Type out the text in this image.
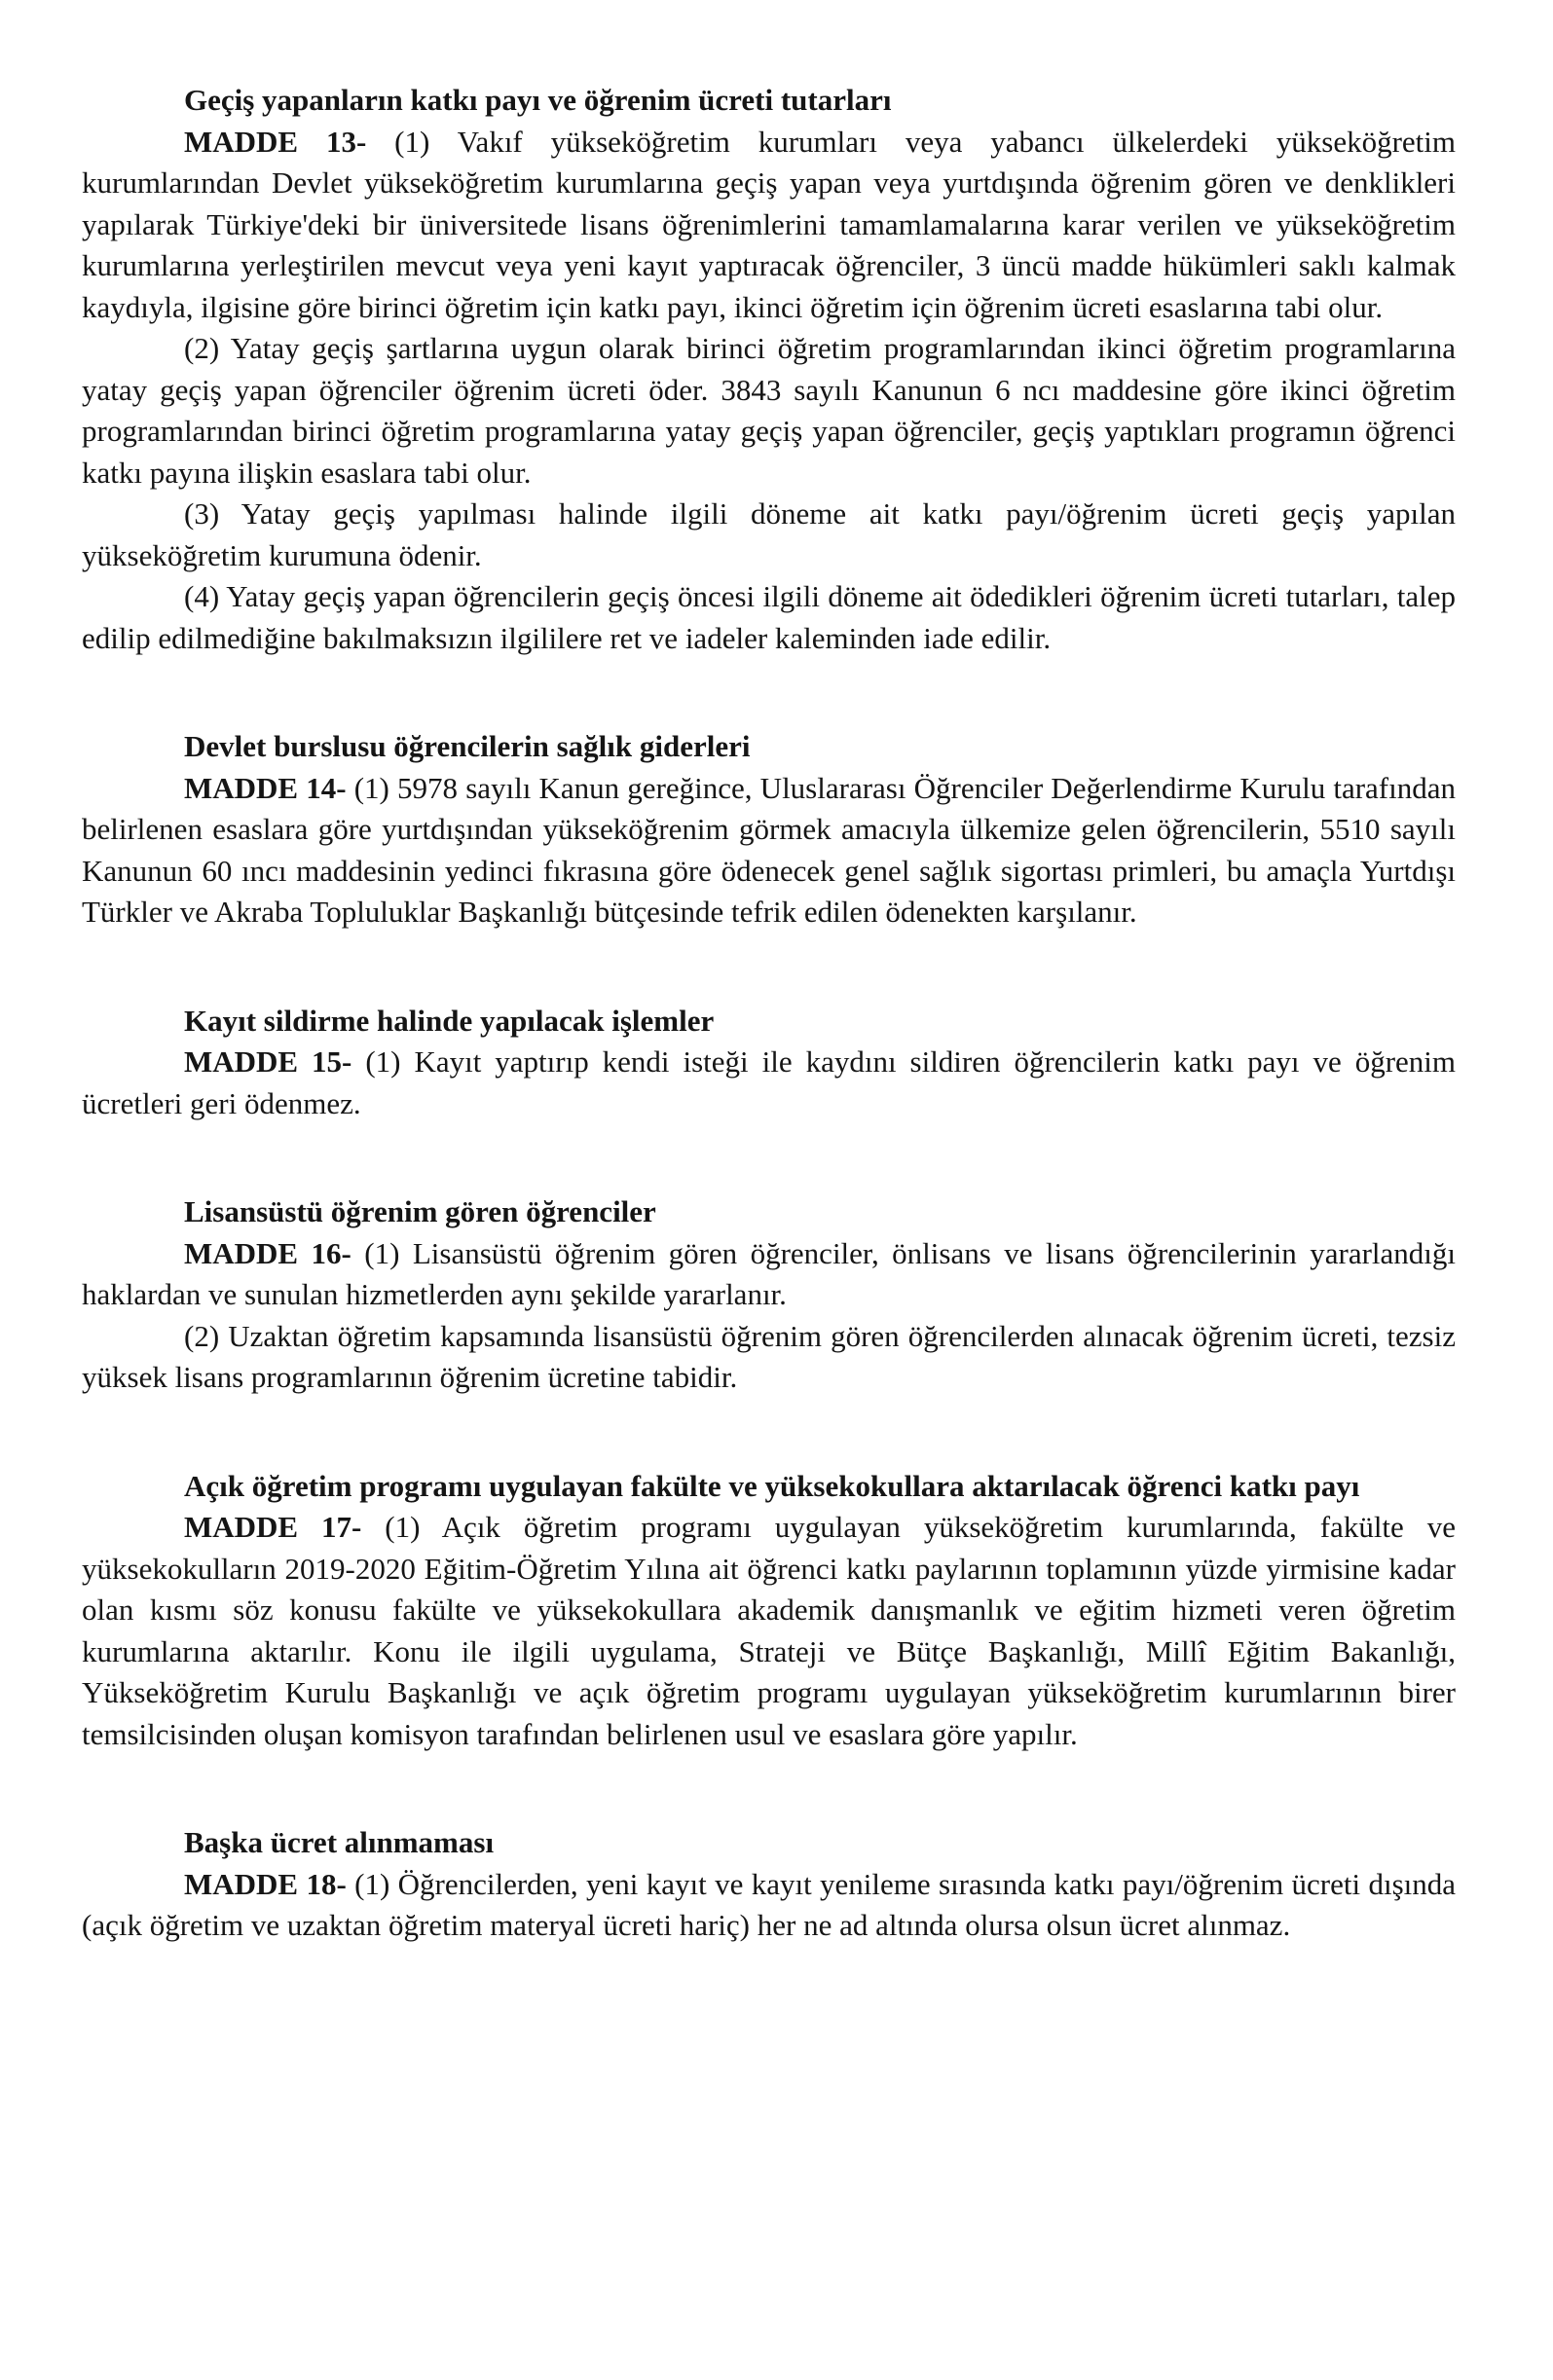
Geçiş yapanların katkı payı ve öğrenim ücreti tutarları

MADDE 13- (1) Vakıf yükseköğretim kurumları veya yabancı ülkelerdeki yükseköğretim kurumlarından Devlet yükseköğretim kurumlarına geçiş yapan veya yurtdışında öğrenim gören ve denklikleri yapılarak Türkiye'deki bir üniversitede lisans öğrenimlerini tamamlamalarına karar verilen ve yükseköğretim kurumlarına yerleştirilen mevcut veya yeni kayıt yaptıracak öğrenciler, 3 üncü madde hükümleri saklı kalmak kaydıyla, ilgisine göre birinci öğretim için katkı payı, ikinci öğretim için öğrenim ücreti esaslarına tabi olur.

(2) Yatay geçiş şartlarına uygun olarak birinci öğretim programlarından ikinci öğretim programlarına yatay geçiş yapan öğrenciler öğrenim ücreti öder. 3843 sayılı Kanunun 6 ncı maddesine göre ikinci öğretim programlarından birinci öğretim programlarına yatay geçiş yapan öğrenciler, geçiş yaptıkları programın öğrenci katkı payına ilişkin esaslara tabi olur.

(3) Yatay geçiş yapılması halinde ilgili döneme ait katkı payı/öğrenim ücreti geçiş yapılan yükseköğretim kurumuna ödenir.

(4) Yatay geçiş yapan öğrencilerin geçiş öncesi ilgili döneme ait ödedikleri öğrenim ücreti tutarları, talep edilip edilmediğine bakılmaksızın ilgililere ret ve iadeler kaleminden iade edilir.

Devlet burslusu öğrencilerin sağlık giderleri

MADDE 14- (1) 5978 sayılı Kanun gereğince, Uluslararası Öğrenciler Değerlendirme Kurulu tarafından belirlenen esaslara göre yurtdışından yükseköğrenim görmek amacıyla ülkemize gelen öğrencilerin, 5510 sayılı Kanunun 60 ıncı maddesinin yedinci fıkrasına göre ödenecek genel sağlık sigortası primleri, bu amaçla Yurtdışı Türkler ve Akraba Topluluklar Başkanlığı bütçesinde tefrik edilen ödenekten karşılanır.

Kayıt sildirme halinde yapılacak işlemler

MADDE 15- (1) Kayıt yaptırıp kendi isteği ile kaydını sildiren öğrencilerin katkı payı ve öğrenim ücretleri geri ödenmez.

Lisansüstü öğrenim gören öğrenciler

MADDE 16- (1) Lisansüstü öğrenim gören öğrenciler, önlisans ve lisans öğrencilerinin yararlandığı haklardan ve sunulan hizmetlerden aynı şekilde yararlanır.

(2) Uzaktan öğretim kapsamında lisansüstü öğrenim gören öğrencilerden alınacak öğrenim ücreti, tezsiz yüksek lisans programlarının öğrenim ücretine tabidir.

Açık öğretim programı uygulayan fakülte ve yüksekokullara aktarılacak öğrenci katkı payı

MADDE 17- (1) Açık öğretim programı uygulayan yükseköğretim kurumlarında, fakülte ve yüksekokulların 2019-2020 Eğitim-Öğretim Yılına ait öğrenci katkı paylarının toplamının yüzde yirmisine kadar olan kısmı söz konusu fakülte ve yüksekokullara akademik danışmanlık ve eğitim hizmeti veren öğretim kurumlarına aktarılır. Konu ile ilgili uygulama, Strateji ve Bütçe Başkanlığı, Millî Eğitim Bakanlığı, Yükseköğretim Kurulu Başkanlığı ve açık öğretim programı uygulayan yükseköğretim kurumlarının birer temsilcisinden oluşan komisyon tarafından belirlenen usul ve esaslara göre yapılır.

Başka ücret alınmaması

MADDE 18- (1) Öğrencilerden, yeni kayıt ve kayıt yenileme sırasında katkı payı/öğrenim ücreti dışında (açık öğretim ve uzaktan öğretim materyal ücreti hariç) her ne ad altında olursa olsun ücret alınmaz.
